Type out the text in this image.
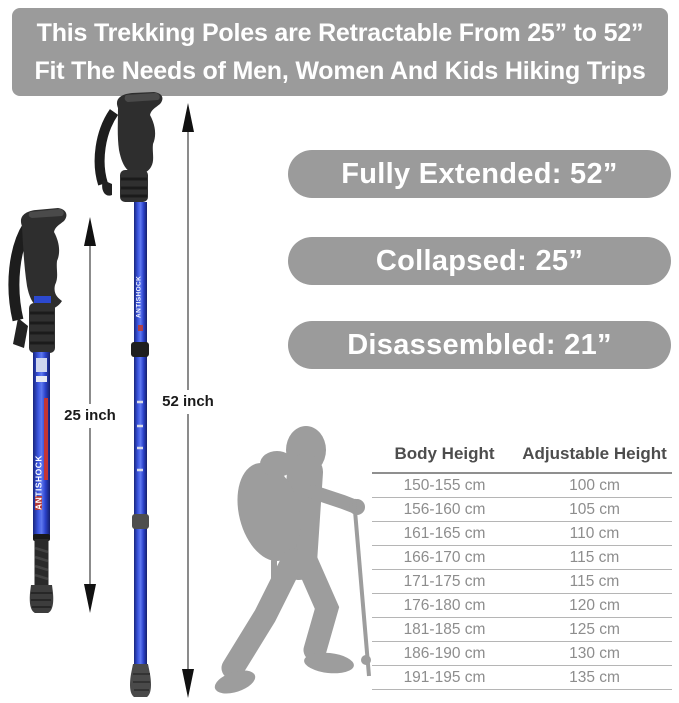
This Trekking Poles are Retractable From 25” to 52”
Fit The Needs of Men, Women And Kids Hiking Trips
Fully Extended: 52”
Collapsed: 25”
Disassembled: 21”
ANTISHOCK
ANTISHOCK
25 inch
52 inch
Body Height	Adjustable Height
150-155 cm	100 cm
156-160 cm	105 cm
161-165 cm	110 cm
166-170 cm	115 cm
171-175 cm	115 cm
176-180 cm	120 cm
181-185 cm	125 cm
186-190 cm	130 cm
191-195 cm	135 cm
